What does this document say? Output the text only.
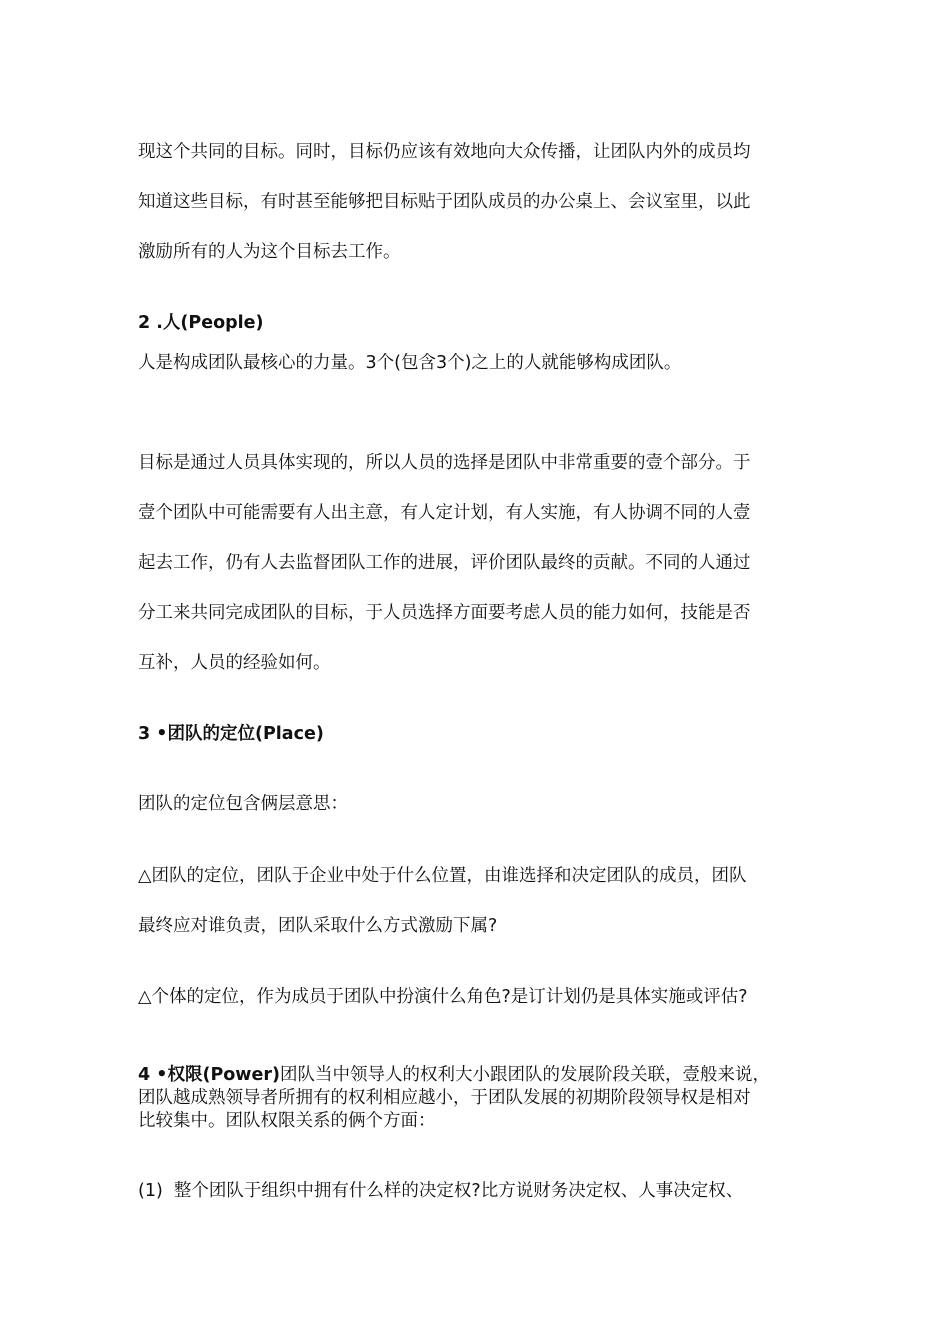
现这个共同的目标。同时，目标仍应该有效地向大众传播，让团队内外的成员均
知道这些目标，有时甚至能够把目标贴于团队成员的办公桌上、会议室里，以此
激励所有的人为这个目标去工作。

2 .人(People)

人是构成团队最核心的力量。3个(包含3个)之上的人就能够构成团队。

目标是通过人员具体实现的，所以人员的选择是团队中非常重要的壹个部分。于
壹个团队中可能需要有人出主意，有人定计划，有人实施，有人协调不同的人壹
起去工作，仍有人去监督团队工作的进展，评价团队最终的贡献。不同的人通过
分工来共同完成团队的目标，于人员选择方面要考虑人员的能力如何，技能是否
互补，人员的经验如何。

3 •团队的定位(Place)

团队的定位包含俩层意思：

△团队的定位，团队于企业中处于什么位置，由谁选择和决定团队的成员，团队
最终应对谁负责，团队采取什么方式激励下属?

△个体的定位，作为成员于团队中扮演什么角色?是订计划仍是具体实施或评估?

4 •权限(Power)团队当中领导人的权利大小跟团队的发展阶段关联，壹般来说，
团队越成熟领导者所拥有的权利相应越小，于团队发展的初期阶段领导权是相对
比较集中。团队权限关系的俩个方面：

(1)  整个团队于组织中拥有什么样的决定权?比方说财务决定权、人事决定权、
